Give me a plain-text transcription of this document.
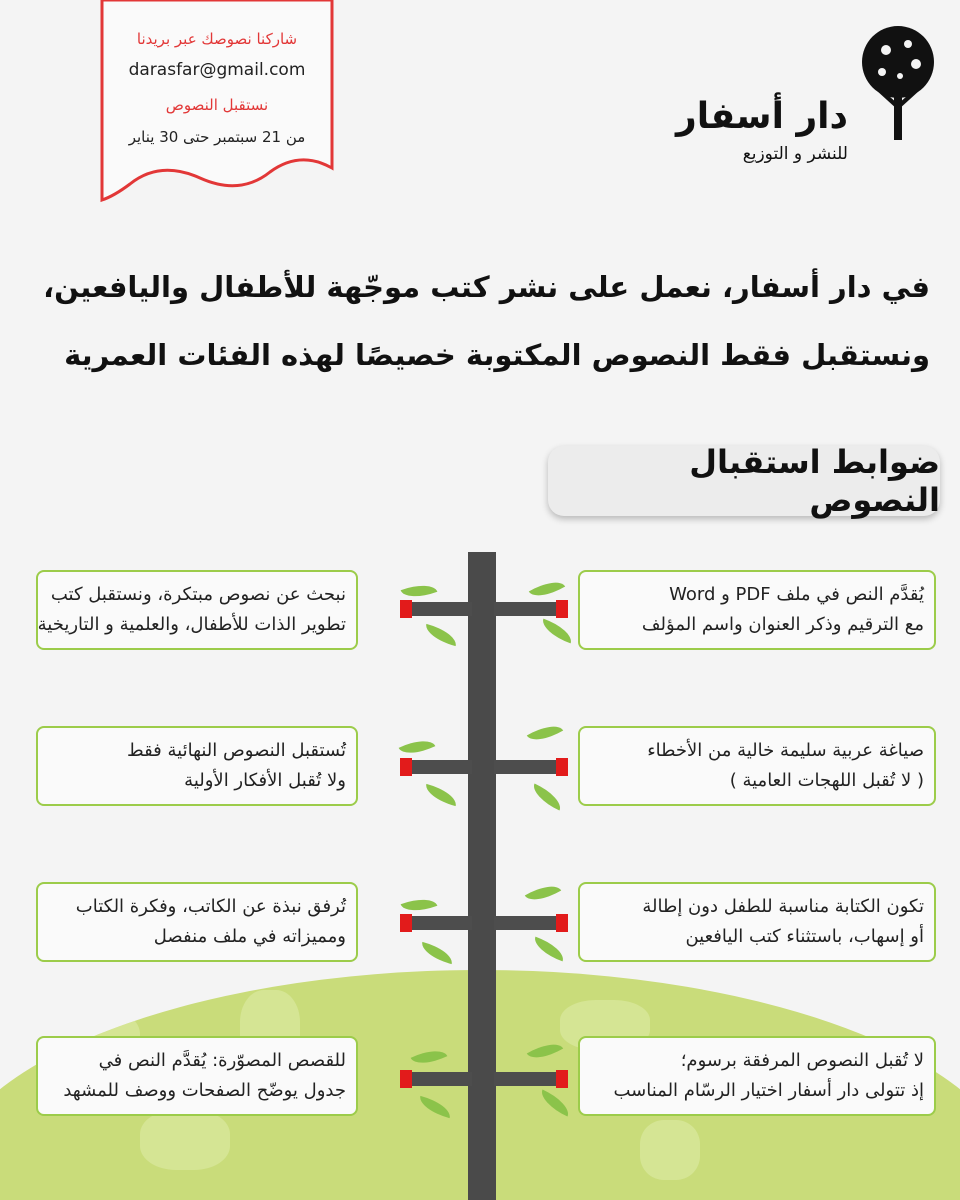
شاركنا نصوصك عبر بريدنا
darasfar@gmail.com
نستقبل النصوص
من 21 سبتمبر حتى 30 يناير	دار أسفار
للنشر و التوزيع
في دار أسفار، نعمل على نشر كتب موجّهة للأطفال واليافعين،
ونستقبل فقط النصوص المكتوبة خصيصًا لهذه الفئات العمرية
ضوابط استقبال النصوص
يُقدَّم النص في ملف PDF و Word
مع الترقيم وذكر العنوان واسم المؤلف
صياغة عربية سليمة خالية من الأخطاء
( لا تُقبل اللهجات العامية )
تكون الكتابة مناسبة للطفل دون إطالة
أو إسهاب، باستثناء كتب اليافعين
لا تُقبل النصوص المرفقة برسوم؛
إذ تتولى دار أسفار اختيار الرسّام المناسب
نبحث عن نصوص مبتكرة، ونستقبل كتب
تطوير الذات للأطفال، والعلمية و التاريخية
تُستقبل النصوص النهائية فقط
ولا تُقبل الأفكار الأولية
تُرفق نبذة عن الكاتب، وفكرة الكتاب
ومميزاته في ملف منفصل
للقصص المصوّرة: يُقدَّم النص في
جدول يوضّح الصفحات ووصف للمشهد
